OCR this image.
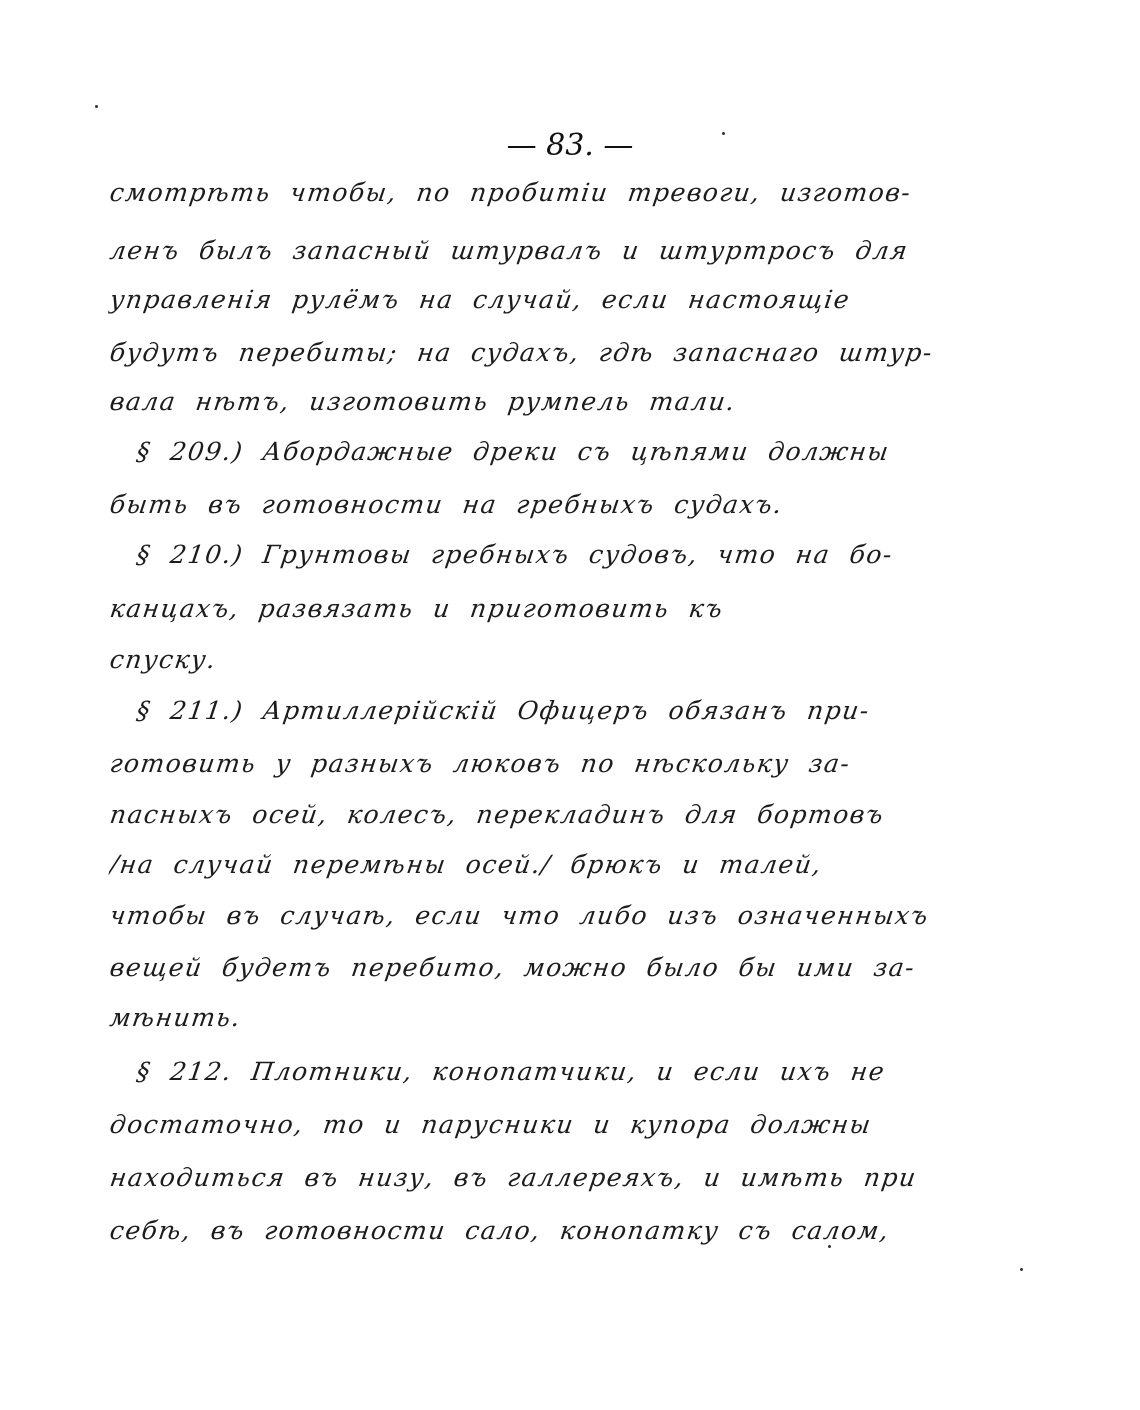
— 83. —
смотрѣть чтобы, по пробитіи тревоги, изготов-
ленъ былъ запасный штурвалъ и штуртросъ для
управленія рулёмъ на случай, если настоящіе
будутъ перебиты; на судахъ, гдѣ запаснаго штур-
вала нѣтъ, изготовить румпель тали.
§ 209.) Абордажные дреки съ цѣпями должны
быть въ готовности на гребныхъ судахъ.
§ 210.) Грунтовы гребныхъ судовъ, что на бо-
канцахъ, развязать и приготовить къ
спуску.
§ 211.) Артиллерійскій Офицеръ обязанъ при-
готовить у разныхъ люковъ по нѣскольку за-
пасныхъ осей, колесъ, перекладинъ для бортовъ
/на случай перемѣны осей./ брюкъ и талей,
чтобы въ случаѣ, если что либо изъ означенныхъ
вещей будетъ перебито, можно было бы ими за-
мѣнить.
§ 212. Плотники, конопатчики, и если ихъ не
достаточно, то и парусники и купора должны
находиться въ низу, въ галлереяхъ, и имѣть при
себѣ, въ готовности сало, конопатку съ салом,
